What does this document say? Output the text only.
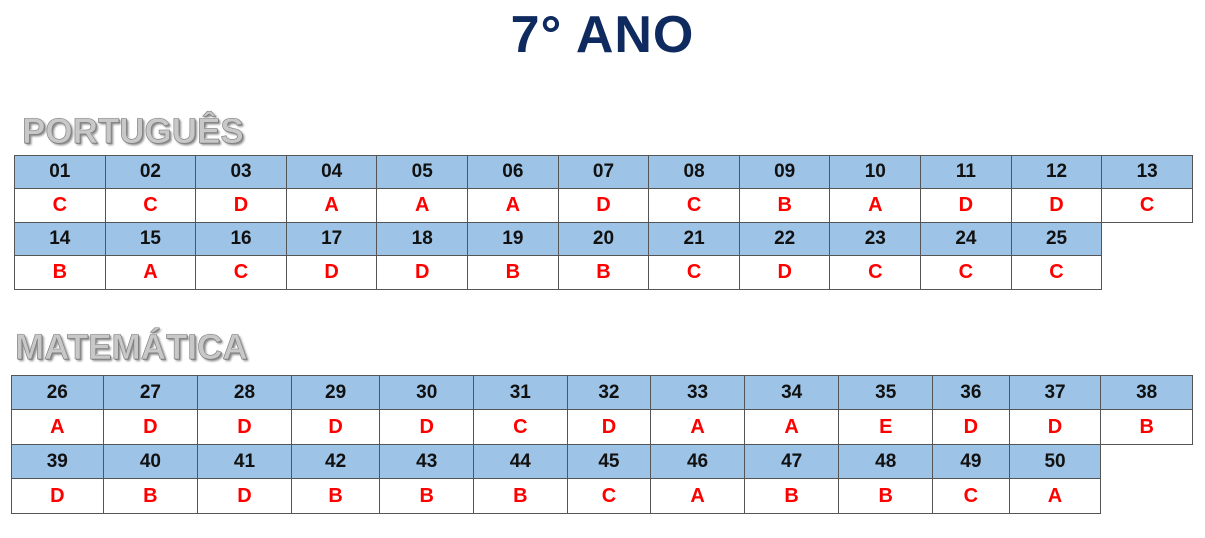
7° ANO
PORTUGUÊS
01	02	03	04	05	06	07	08	09	10	11	12	13
C	C	D	A	A	A	D	C	B	A	D	D	C
14	15	16	17	18	19	20	21	22	23	24	25	
B	A	C	D	D	B	B	C	D	C	C	C	
MATEMÁTICA
26	27	28	29	30	31	32	33	34	35	36	37	38
A	D	D	D	D	C	D	A	A	E	D	D	B
39	40	41	42	43	44	45	46	47	48	49	50	
D	B	D	B	B	B	C	A	B	B	C	A	
